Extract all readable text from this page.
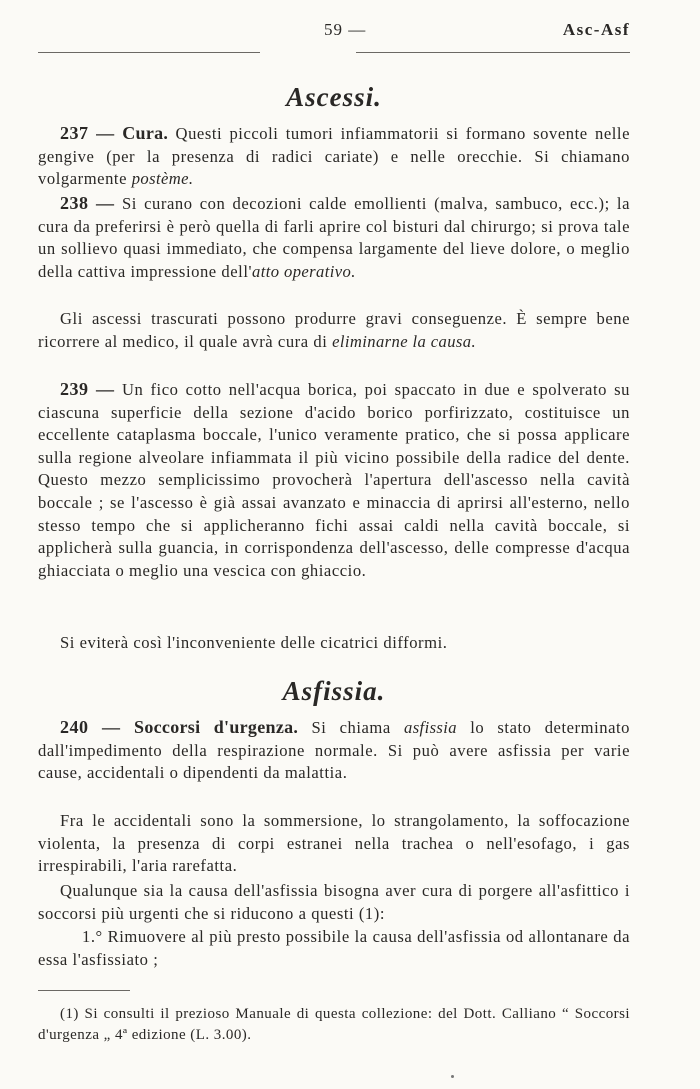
59 —	Asc-Asf
Ascessi.

237 — Cura. Questi piccoli tumori infiammatorii si formano sovente nelle gengive (per la presenza di radici cariate) e nelle orecchie. Si chiamano volgarmente postème.

238 — Si curano con decozioni calde emollienti (malva, sambuco, ecc.); la cura da preferirsi è però quella di farli aprire col bisturi dal chirurgo; si prova tale un sollievo quasi immediato, che compensa largamente del lieve dolore, o meglio della cattiva impressione dell'atto operativo.

Gli ascessi trascurati possono produrre gravi conseguenze. È sempre bene ricorrere al medico, il quale avrà cura di eliminarne la causa.

239 — Un fico cotto nell'acqua borica, poi spaccato in due e spolverato su ciascuna superficie della sezione d'acido borico porfirizzato, costituisce un eccellente cataplasma boccale, l'unico veramente pratico, che si possa applicare sulla regione alveolare infiammata il più vicino possibile della radice del dente. Questo mezzo semplicissimo provocherà l'apertura dell'ascesso nella cavità boccale ; se l'ascesso è già assai avanzato e minaccia di aprirsi all'esterno, nello stesso tempo che si applicheranno fichi assai caldi nella cavità boccale, si applicherà sulla guancia, in corrispondenza dell'ascesso, delle compresse d'acqua ghiacciata o meglio una vescica con ghiaccio.

Si eviterà così l'inconveniente delle cicatrici difformi.

Asfissia.

240 — Soccorsi d'urgenza. Si chiama asfissia lo stato determinato dall'impedimento della respirazione normale. Si può avere asfissia per varie cause, accidentali o dipendenti da malattia.

Fra le accidentali sono la sommersione, lo strangolamento, la soffocazione violenta, la presenza di corpi estranei nella trachea o nell'esofago, i gas irrespirabili, l'aria rarefatta.

Qualunque sia la causa dell'asfissia bisogna aver cura di porgere all'asfittico i soccorsi più urgenti che si riducono a questi (1):

1.° Rimuovere al più presto possibile la causa dell'asfissia od allontanare da essa l'asfissiato ;

(1) Si consulti il prezioso Manuale di questa collezione: del Dott. Calliano “ Soccorsi d'urgenza „ 4ª edizione (L. 3.00).
